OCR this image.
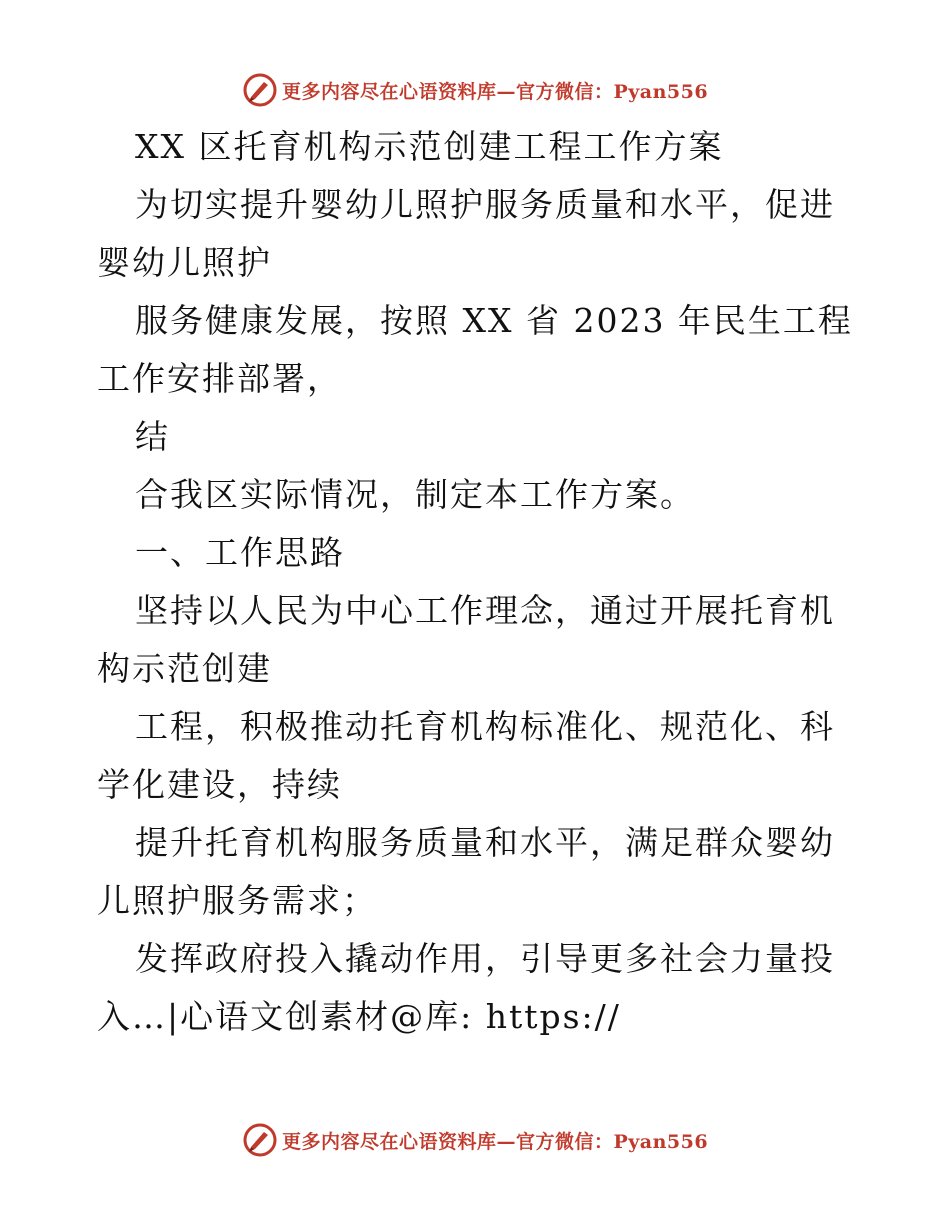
更多内容尽在心语资料库—官方微信：Pyan556

XX 区托育机构示范创建工程工作方案

为切实提升婴幼儿照护服务质量和水平，促进婴幼儿照护

服务健康发展，按照 XX 省 2023 年民生工程工作安排部署，

结

合我区实际情况，制定本工作方案。

一、工作思路

坚持以人民为中心工作理念，通过开展托育机构示范创建

工程，积极推动托育机构标准化、规范化、科学化建设，持续

提升托育机构服务质量和水平，满足群众婴幼儿照护服务需求；

发挥政府投入撬动作用，引导更多社会力量投入…|心语文创素材@库: https://

更多内容尽在心语资料库—官方微信：Pyan556
